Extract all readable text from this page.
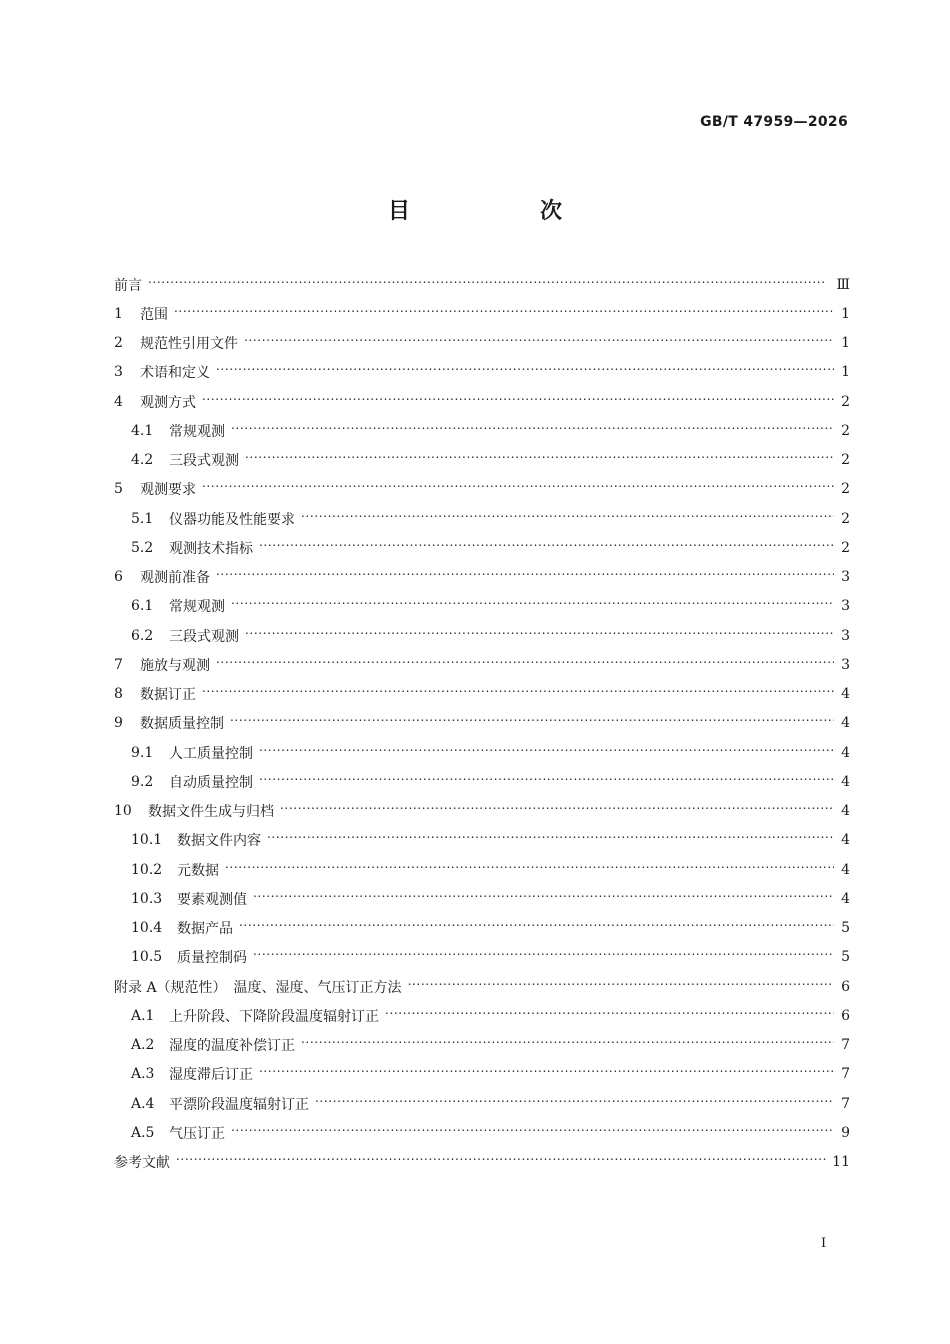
GB/T 47959—2026
目　次
前言 . . .	Ⅲ
1	范围 . . .	1
2	规范性引用文件 . . .	1
3	术语和定义 . . .	1
4	观测方式 . . .	2
4.1	常规观测 . . .	2
4.2	三段式观测 . . .	2
5	观测要求 . . .	2
5.1	仪器功能及性能要求 . . .	2
5.2	观测技术指标 . . .	2
6	观测前准备 . . .	3
6.1	常规观测 . . .	3
6.2	三段式观测 . . .	3
7	施放与观测 . . .	3
8	数据订正 . . .	4
9	数据质量控制 . . .	4
9.1	人工质量控制 . . .	4
9.2	自动质量控制 . . .	4
10	数据文件生成与归档 . . .	4
10.1	数据文件内容 . . .	4
10.2	元数据 . . .	4
10.3	要素观测值 . . .	4
10.4	数据产品 . . .	5
10.5	质量控制码 . . .	5
附录 A（规范性）　温度、湿度、气压订正方法 . . .	6
A.1	上升阶段、下降阶段温度辐射订正 . . .	6
A.2	湿度的温度补偿订正 . . .	7
A.3	湿度滞后订正 . . .	7
A.4	平漂阶段温度辐射订正 . . .	7
A.5	气压订正 . . .	9
参考文献 . . .	11
I
